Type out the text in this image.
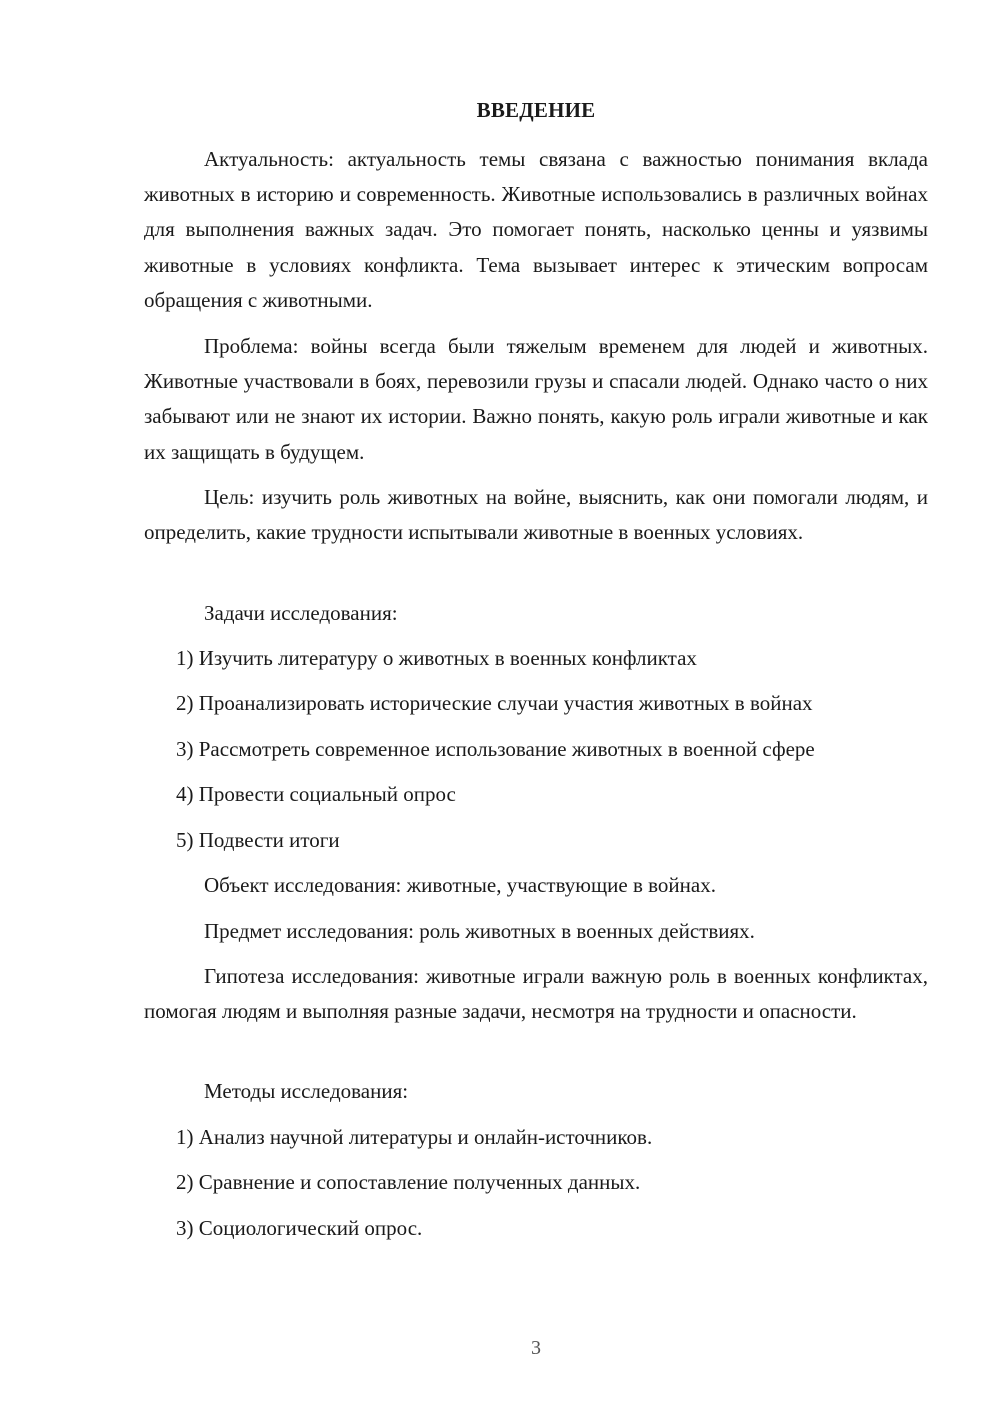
ВВЕДЕНИЕ

Актуальность: актуальность темы связана с важностью понимания вклада животных в историю и современность. Животные использовались в различных войнах для выполнения важных задач. Это помогает понять, насколько ценны и уязвимы животные в условиях конфликта. Тема вызывает интерес к этическим вопросам обращения с животными.

Проблема: войны всегда были тяжелым временем для людей и животных. Животные участвовали в боях, перевозили грузы и спасали людей. Однако часто о них забывают или не знают их истории. Важно понять, какую роль играли животные и как их защищать в будущем.

Цель: изучить роль животных на войне, выяснить, как они помогали людям, и определить, какие трудности испытывали животные в военных условиях.

Задачи исследования:
1) Изучить литературу о животных в военных конфликтах
2) Проанализировать исторические случаи участия животных в войнах
3) Рассмотреть современное использование животных в военной сфере
4) Провести социальный опрос
5) Подвести итоги
Объект исследования: животные, участвующие в войнах.
Предмет исследования: роль животных в военных действиях.

Гипотеза исследования: животные играли важную роль в военных конфликтах, помогая людям и выполняя разные задачи, несмотря на трудности и опасности.

Методы исследования:
1) Анализ научной литературы и онлайн-источников.
2) Сравнение и сопоставление полученных данных.
3) Социологический опрос.
3
